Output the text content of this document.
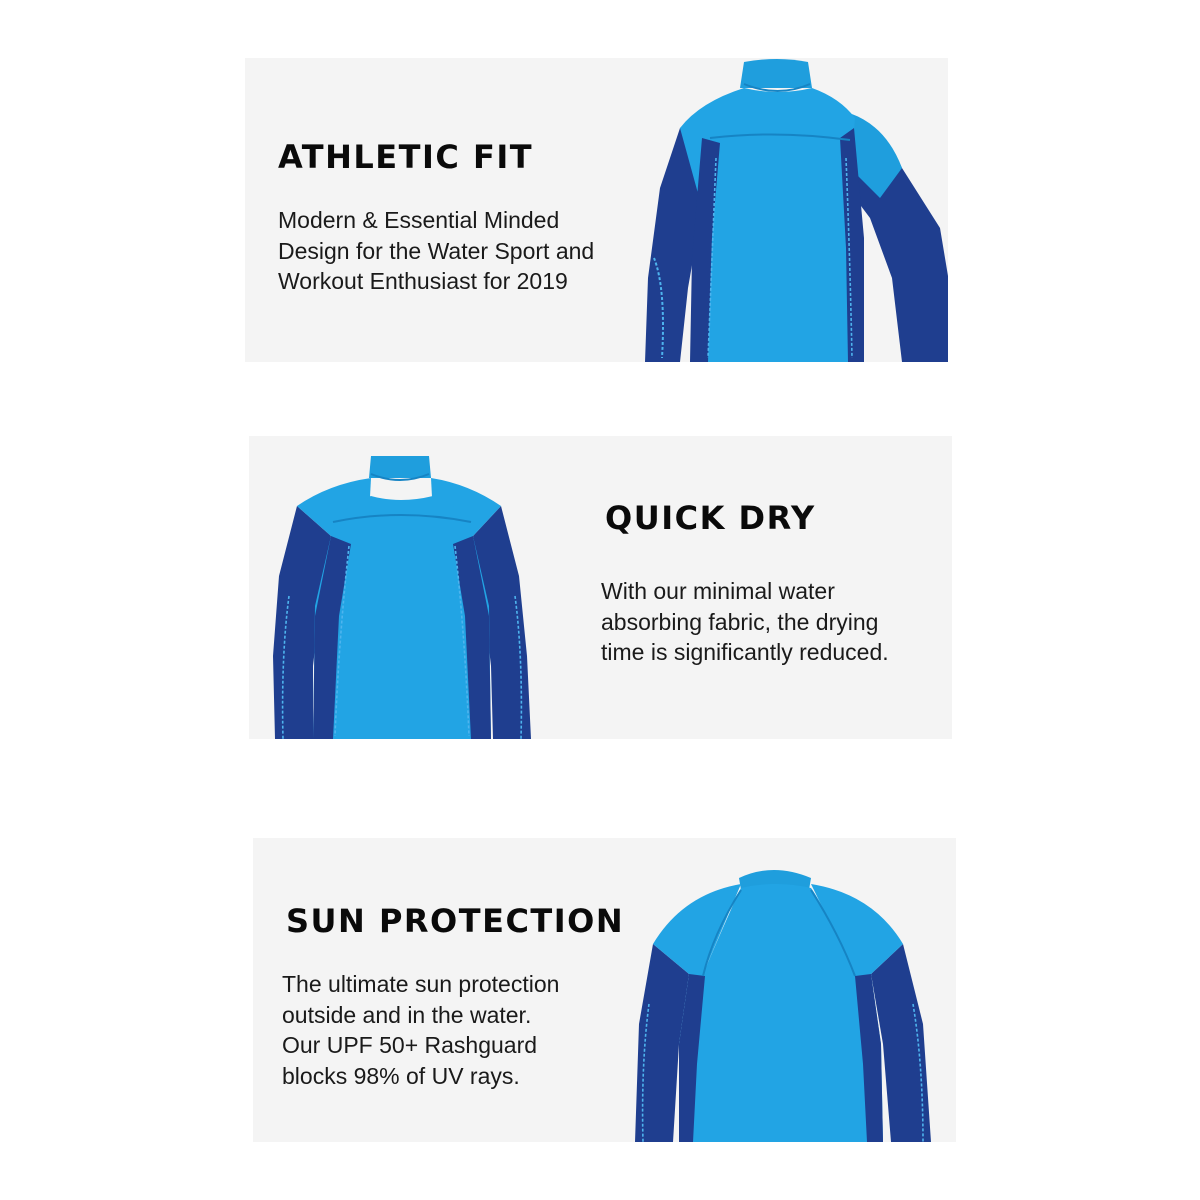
ATHLETIC FIT

Modern & Essential Minded
Design for the Water Sport and
Workout Enthusiast for 2019

QUICK DRY

With our minimal water
absorbing fabric, the drying
time is significantly reduced.

SUN PROTECTION

The ultimate sun protection
outside and in the water.
Our UPF 50+ Rashguard
blocks 98% of UV rays.
